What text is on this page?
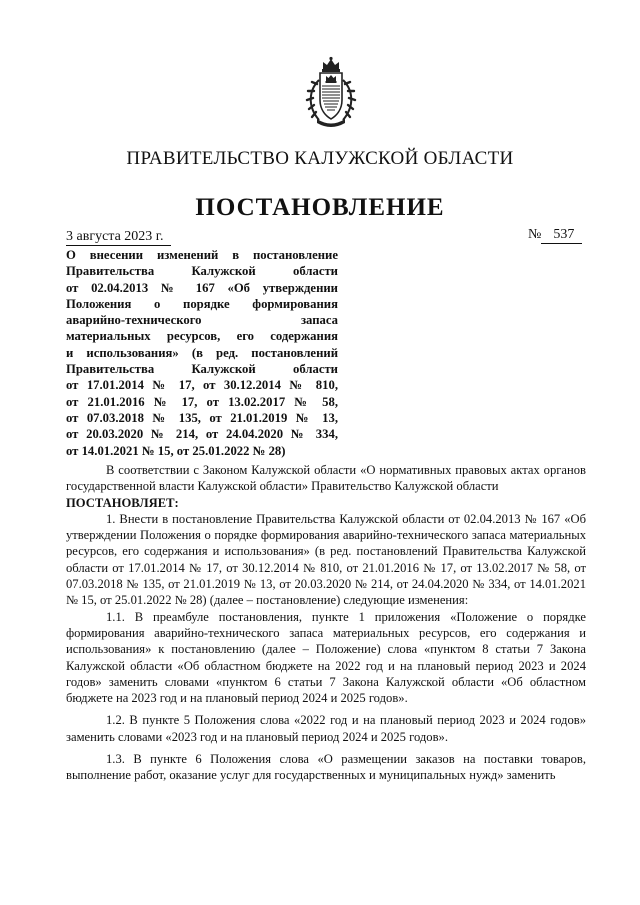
ПРАВИТЕЛЬСТВО КАЛУЖСКОЙ ОБЛАСТИ
ПОСТАНОВЛЕНИЕ
3 августа 2023 г.	№ 537
О внесении изменений в постановление
Правительства Калужской области
от 02.04.2013 № 167 «Об утверждении
Положения о порядке формирования
аварийно-технического запаса
материальных ресурсов, его содержания
и использования» (в ред. постановлений
Правительства Калужской области
от 17.01.2014 № 17, от 30.12.2014 № 810,
от 21.01.2016 № 17, от 13.02.2017 № 58,
от 07.03.2018 № 135, от 21.01.2019 № 13,
от 20.03.2020 № 214, от 24.04.2020 № 334,
от 14.01.2021 № 15, от 25.01.2022 № 28)

В соответствии с Законом Калужской области «О нормативных правовых актах органов государственной власти Калужской области» Правительство Калужской области

ПОСТАНОВЛЯЕТ:

1. Внести в постановление Правительства Калужской области от 02.04.2013 № 167 «Об утверждении Положения о порядке формирования аварийно-технического запаса материальных ресурсов, его содержания и использования» (в ред. постановлений Правительства Калужской области от 17.01.2014 № 17, от 30.12.2014 № 810, от 21.01.2016 № 17, от 13.02.2017 № 58, от 07.03.2018 № 135, от 21.01.2019 № 13, от 20.03.2020 № 214, от 24.04.2020 № 334, от 14.01.2021 № 15, от 25.01.2022 № 28) (далее – постановление) следующие изменения:

1.1. В преамбуле постановления, пункте 1 приложения «Положение о порядке формирования аварийно-технического запаса материальных ресурсов, его содержания и использования» к постановлению (далее – Положение) слова «пунктом 8 статьи 7 Закона Калужской области «Об областном бюджете на 2022 год и на плановый период 2023 и 2024 годов» заменить словами «пунктом 6 статьи 7 Закона Калужской области «Об областном бюджете на 2023 год и на плановый период 2024 и 2025 годов».

1.2. В пункте 5 Положения слова «2022 год и на плановый период 2023 и 2024 годов» заменить словами «2023 год и на плановый период 2024 и 2025 годов».

1.3. В пункте 6 Положения слова «О размещении заказов на поставки товаров, выполнение работ, оказание услуг для государственных и муниципальных нужд» заменить
